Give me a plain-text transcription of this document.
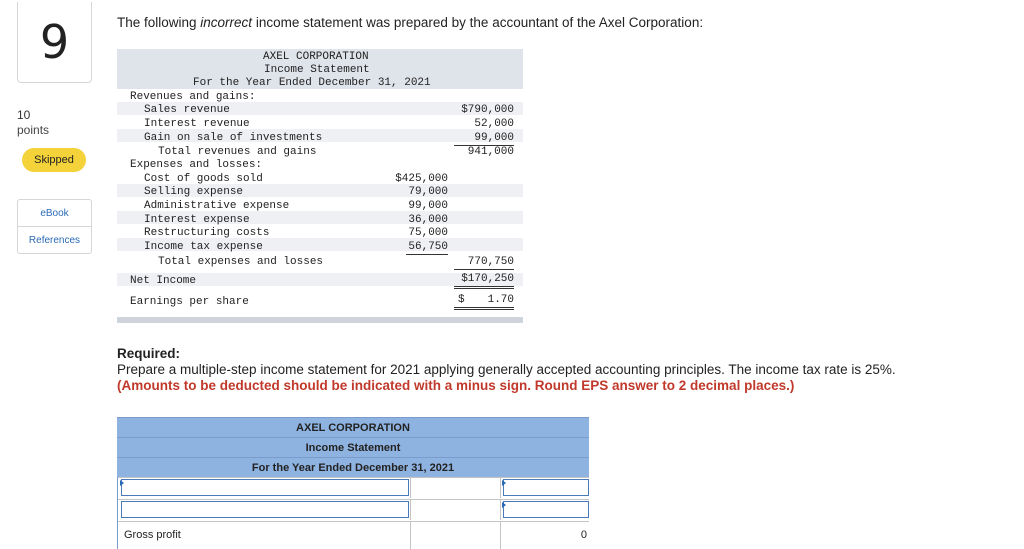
9
10
points
Skipped
eBook
References
The following incorrect income statement was prepared by the accountant of the Axel Corporation:
AXEL CORPORATION
Income Statement
For the Year Ended December 31, 2021
Revenues and gains:
Sales revenue	$790,000
Interest revenue	52,000
Gain on sale of investments	99,000
Total revenues and gains	941,000
Expenses and losses:
Cost of goods sold	$425,000
Selling expense	79,000
Administrative expense	99,000
Interest expense	36,000
Restructuring costs	75,000
Income tax expense	56,750
Total expenses and losses	770,750
Net Income	$170,250
Earnings per share	$	1.70
Required:
Prepare a multiple-step income statement for 2021 applying generally accepted accounting principles. The income tax rate is 25%.
(Amounts to be deducted should be indicated with a minus sign. Round EPS answer to 2 decimal places.)
AXEL CORPORATION
Income Statement
For the Year Ended December 31, 2021
Gross profit	0
